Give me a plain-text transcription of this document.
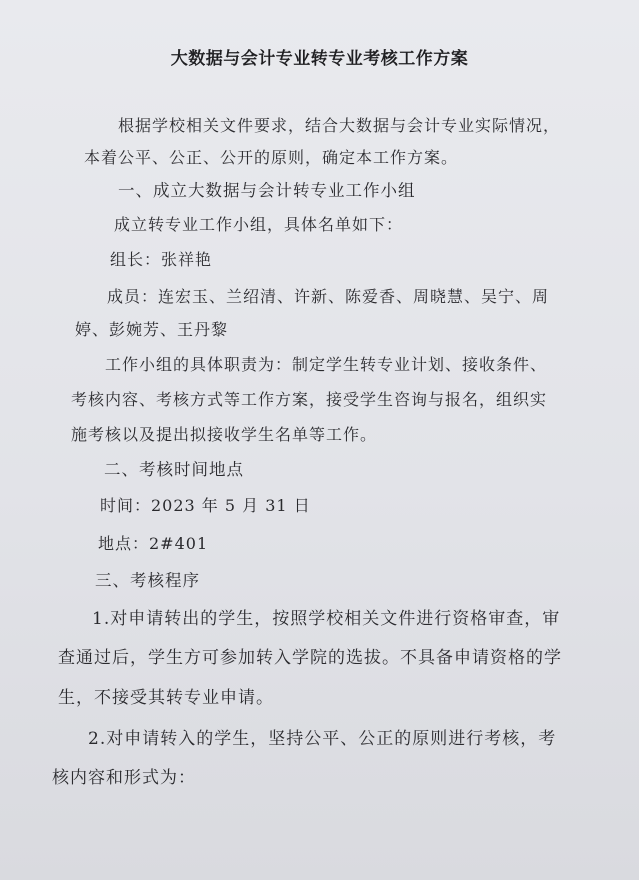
大数据与会计专业转专业考核工作方案
根据学校相关文件要求，结合大数据与会计专业实际情况，
本着公平、公正、公开的原则，确定本工作方案。
一、成立大数据与会计转专业工作小组
成立转专业工作小组，具体名单如下：
组长：张祥艳
成员：连宏玉、兰绍清、许新、陈爱香、周晓慧、吴宁、周
婷、彭婉芳、王丹黎
工作小组的具体职责为：制定学生转专业计划、接收条件、
考核内容、考核方式等工作方案，接受学生咨询与报名，组织实
施考核以及提出拟接收学生名单等工作。
二、考核时间地点
时间：2023 年 5 月 31 日
地点：2#401
三、考核程序
1.对申请转出的学生，按照学校相关文件进行资格审查，审
查通过后，学生方可参加转入学院的选拔。不具备申请资格的学
生，不接受其转专业申请。
2.对申请转入的学生，坚持公平、公正的原则进行考核，考
核内容和形式为：
